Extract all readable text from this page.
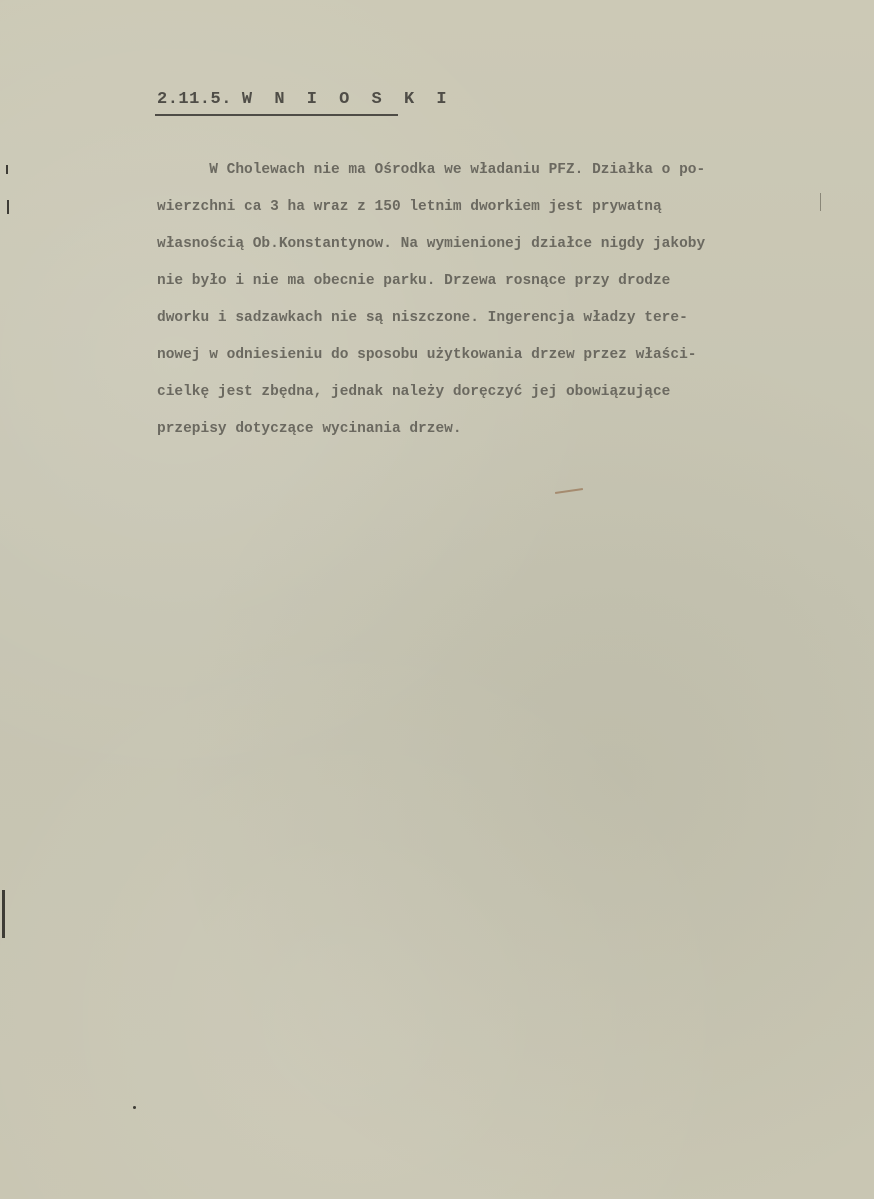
2.11.5. W N I O S K I
W Cholewach nie ma Ośrodka we władaniu PFZ. Działka o po-
wierzchni ca 3 ha wraz z 150 letnim dworkiem jest prywatną
własnością Ob.Konstantynow. Na wymienionej działce nigdy jakoby
nie było i nie ma obecnie parku. Drzewa rosnące przy drodze
dworku i sadzawkach nie są niszczone. Ingerencja władzy tere-
nowej w odniesieniu do sposobu użytkowania drzew przez właści-
cielkę jest zbędna, jednak należy doręczyć jej obowiązujące
przepisy dotyczące wycinania drzew.
